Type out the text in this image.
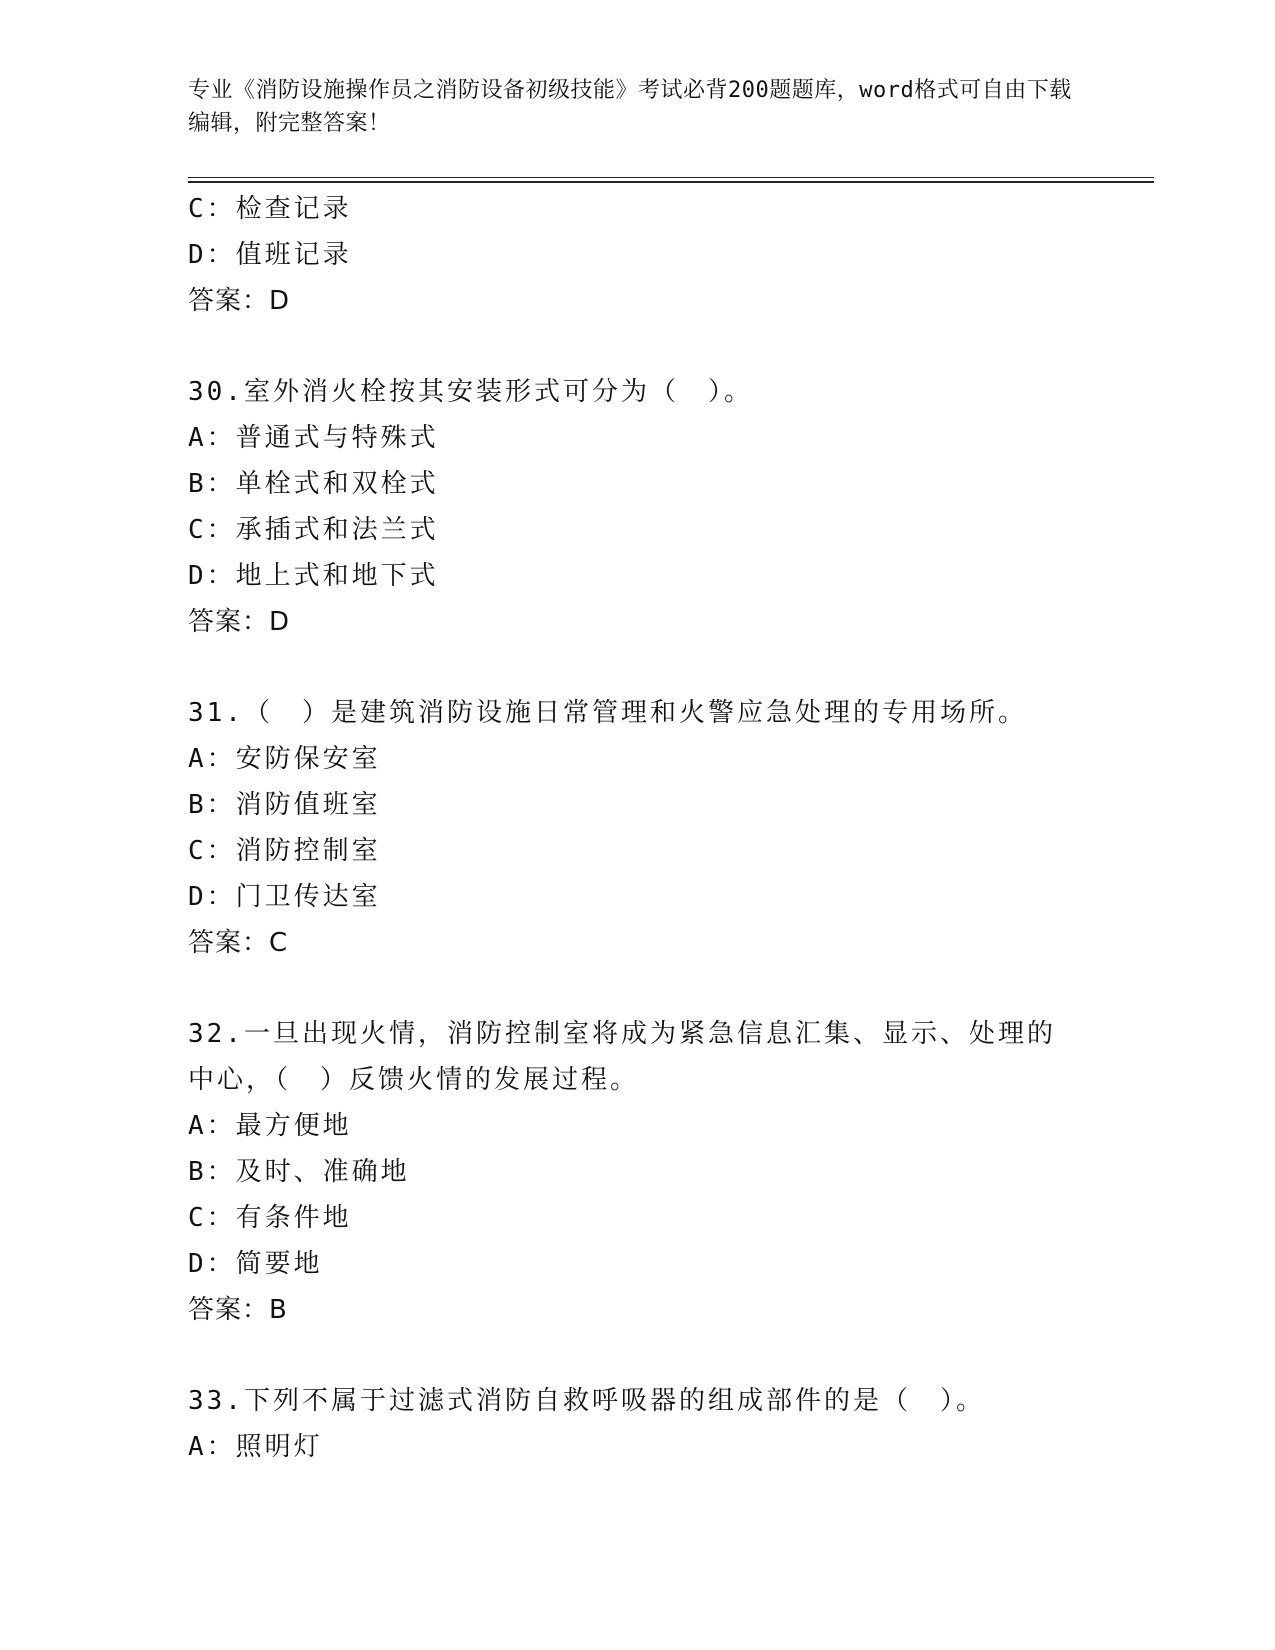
专业《消防设施操作员之消防设备初级技能》考试必背200题题库，word格式可自由下载编辑，附完整答案！
C：检查记录
D：值班记录
答案：D
30.室外消火栓按其安装形式可分为（　）。
A：普通式与特殊式
B：单栓式和双栓式
C：承插式和法兰式
D：地上式和地下式
答案：D
31.（　）是建筑消防设施日常管理和火警应急处理的专用场所。
A：安防保安室
B：消防值班室
C：消防控制室
D：门卫传达室
答案：C
32.一旦出现火情，消防控制室将成为紧急信息汇集、显示、处理的中心，（　）反馈火情的发展过程。
A：最方便地
B：及时、准确地
C：有条件地
D：简要地
答案：B
33.下列不属于过滤式消防自救呼吸器的组成部件的是（　）。
A：照明灯
